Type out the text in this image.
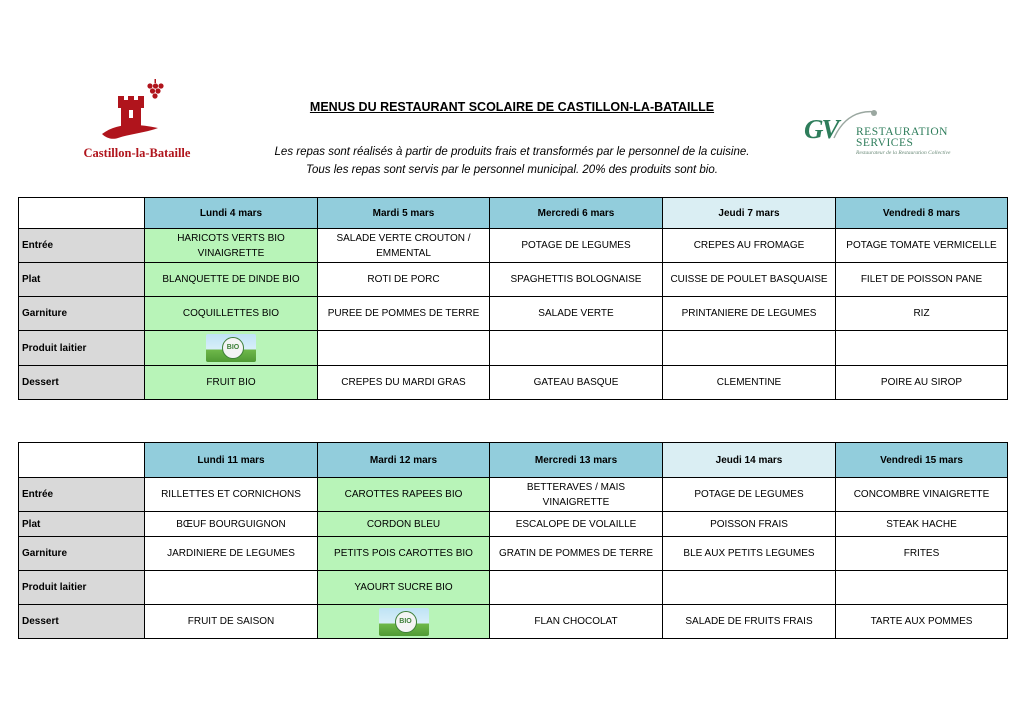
Castillon-la-Bataille
MENUS DU RESTAURANT SCOLAIRE DE CASTILLON-LA-BATAILLE
Les repas sont réalisés à partir de produits frais et transformés par le personnel de la cuisine.
Tous les repas sont servis par le personnel municipal. 20% des produits sont bio.
GV RESTAURATION
SERVICES
Restaurateur de la Restauration Collective
	Lundi 4 mars	Mardi 5 mars	Mercredi 6 mars	Jeudi 7 mars	Vendredi 8 mars
Entrée	HARICOTS VERTS BIO VINAIGRETTE	SALADE VERTE CROUTON / EMMENTAL	POTAGE DE LEGUMES	CREPES AU FROMAGE	POTAGE TOMATE VERMICELLE
Plat	BLANQUETTE DE DINDE BIO	ROTI DE PORC	SPAGHETTIS BOLOGNAISE	CUISSE DE POULET BASQUAISE	FILET DE POISSON PANE
Garniture	COQUILLETTES BIO	PUREE DE POMMES DE TERRE	SALADE VERTE	PRINTANIERE DE LEGUMES	RIZ
Produit laitier	BIO				

Dessert	FRUIT BIO	CREPES DU MARDI GRAS	GATEAU BASQUE	CLEMENTINE	POIRE AU SIROP
	Lundi 11 mars	Mardi 12 mars	Mercredi 13 mars	Jeudi 14 mars	Vendredi 15 mars
Entrée	RILLETTES ET CORNICHONS	CAROTTES RAPEES BIO	BETTERAVES / MAIS VINAIGRETTE	POTAGE DE LEGUMES	CONCOMBRE VINAIGRETTE
Plat	BŒUF BOURGUIGNON	CORDON BLEU	ESCALOPE DE VOLAILLE	POISSON FRAIS	STEAK HACHE
Garniture	JARDINIERE DE LEGUMES	PETITS POIS CAROTTES BIO	GRATIN DE POMMES DE TERRE	BLE AUX PETITS LEGUMES	FRITES
Produit laitier		YAOURT SUCRE BIO			
Dessert	FRUIT DE SAISON	BIO	FLAN CHOCOLAT	SALADE DE FRUITS FRAIS	TARTE AUX POMMES
